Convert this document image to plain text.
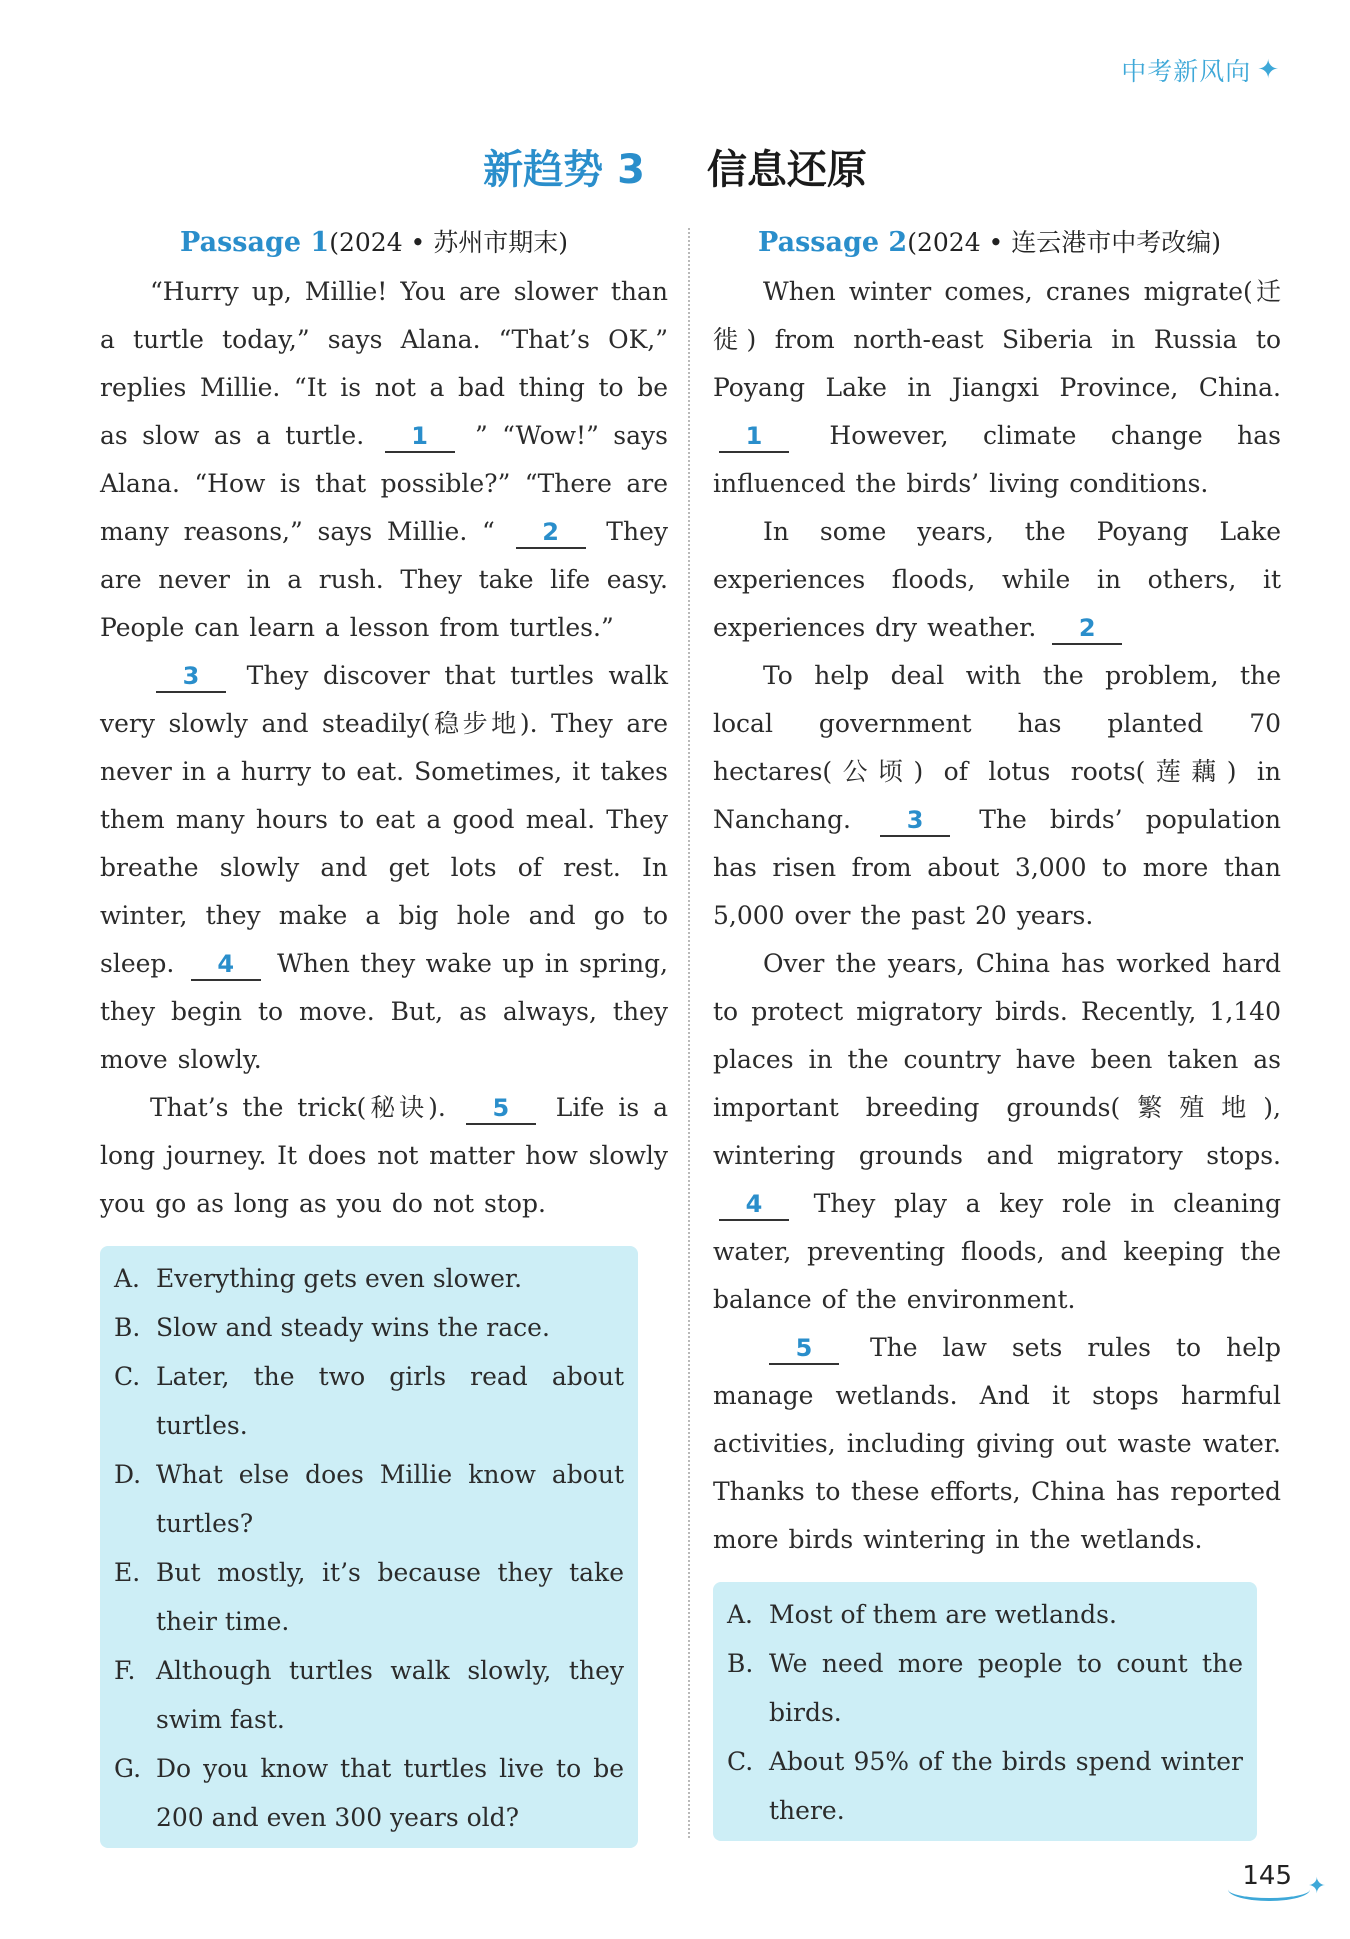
中考新风向 ✦
新趋势 3 信息还原
Passage 1(2024 • 苏州市期末)

“Hurry up, Millie! You are slower than a turtle today,” says Alana. “That’s OK,” replies Millie. “It is not a bad thing to be as slow as a turtle. 1 ” “Wow!” says Alana. “How is that possible?” “There are many reasons,” says Millie. “ 2 They are never in a rush. They take life easy. People can learn a lesson from turtles.”

3 They discover that turtles walk very slowly and steadily(稳步地). They are never in a hurry to eat. Sometimes, it takes them many hours to eat a good meal. They breathe slowly and get lots of rest. In winter, they make a big hole and go to sleep. 4 When they wake up in spring, they begin to move. But, as always, they move slowly.

That’s the trick(秘诀). 5 Life is a long journey. It does not matter how slowly you go as long as you do not stop.

A. Everything gets even slower.
B. Slow and steady wins the race.
C. Later, the two girls read about turtles.
D. What else does Millie know about turtles?
E. But mostly, it’s because they take their time.
F. Although turtles walk slowly, they swim fast.
G. Do you know that turtles live to be 200 and even 300 years old?
Passage 2(2024 • 连云港市中考改编)

When winter comes, cranes migrate(迁徙) from north-east Siberia in Russia to Poyang Lake in Jiangxi Province, China. 1	However, climate change has influenced the birds’ living conditions.

In some years, the Poyang Lake experiences floods, while in others, it experiences dry weather. 2

To help deal with the problem, the local government has planted 70 hectares(公顷) of lotus roots(莲藕) in Nanchang. 3 The birds’ population has risen from about 3,000 to more than 5,000 over the past 20 years.

Over the years, China has worked hard to protect migratory birds. Recently, 1,140 places in the country have been taken as important breeding grounds(繁殖地), wintering grounds and migratory stops. 4 They play a key role in cleaning water, preventing floods, and keeping the balance of the environment.

5 The law sets rules to help manage wetlands. And it stops harmful activities, including giving out waste water. Thanks to these efforts, China has reported more birds wintering in the wetlands.

A. Most of them are wetlands.
B. We need more people to count the birds.
C. About 95% of the birds spend winter there.
145 ✦
